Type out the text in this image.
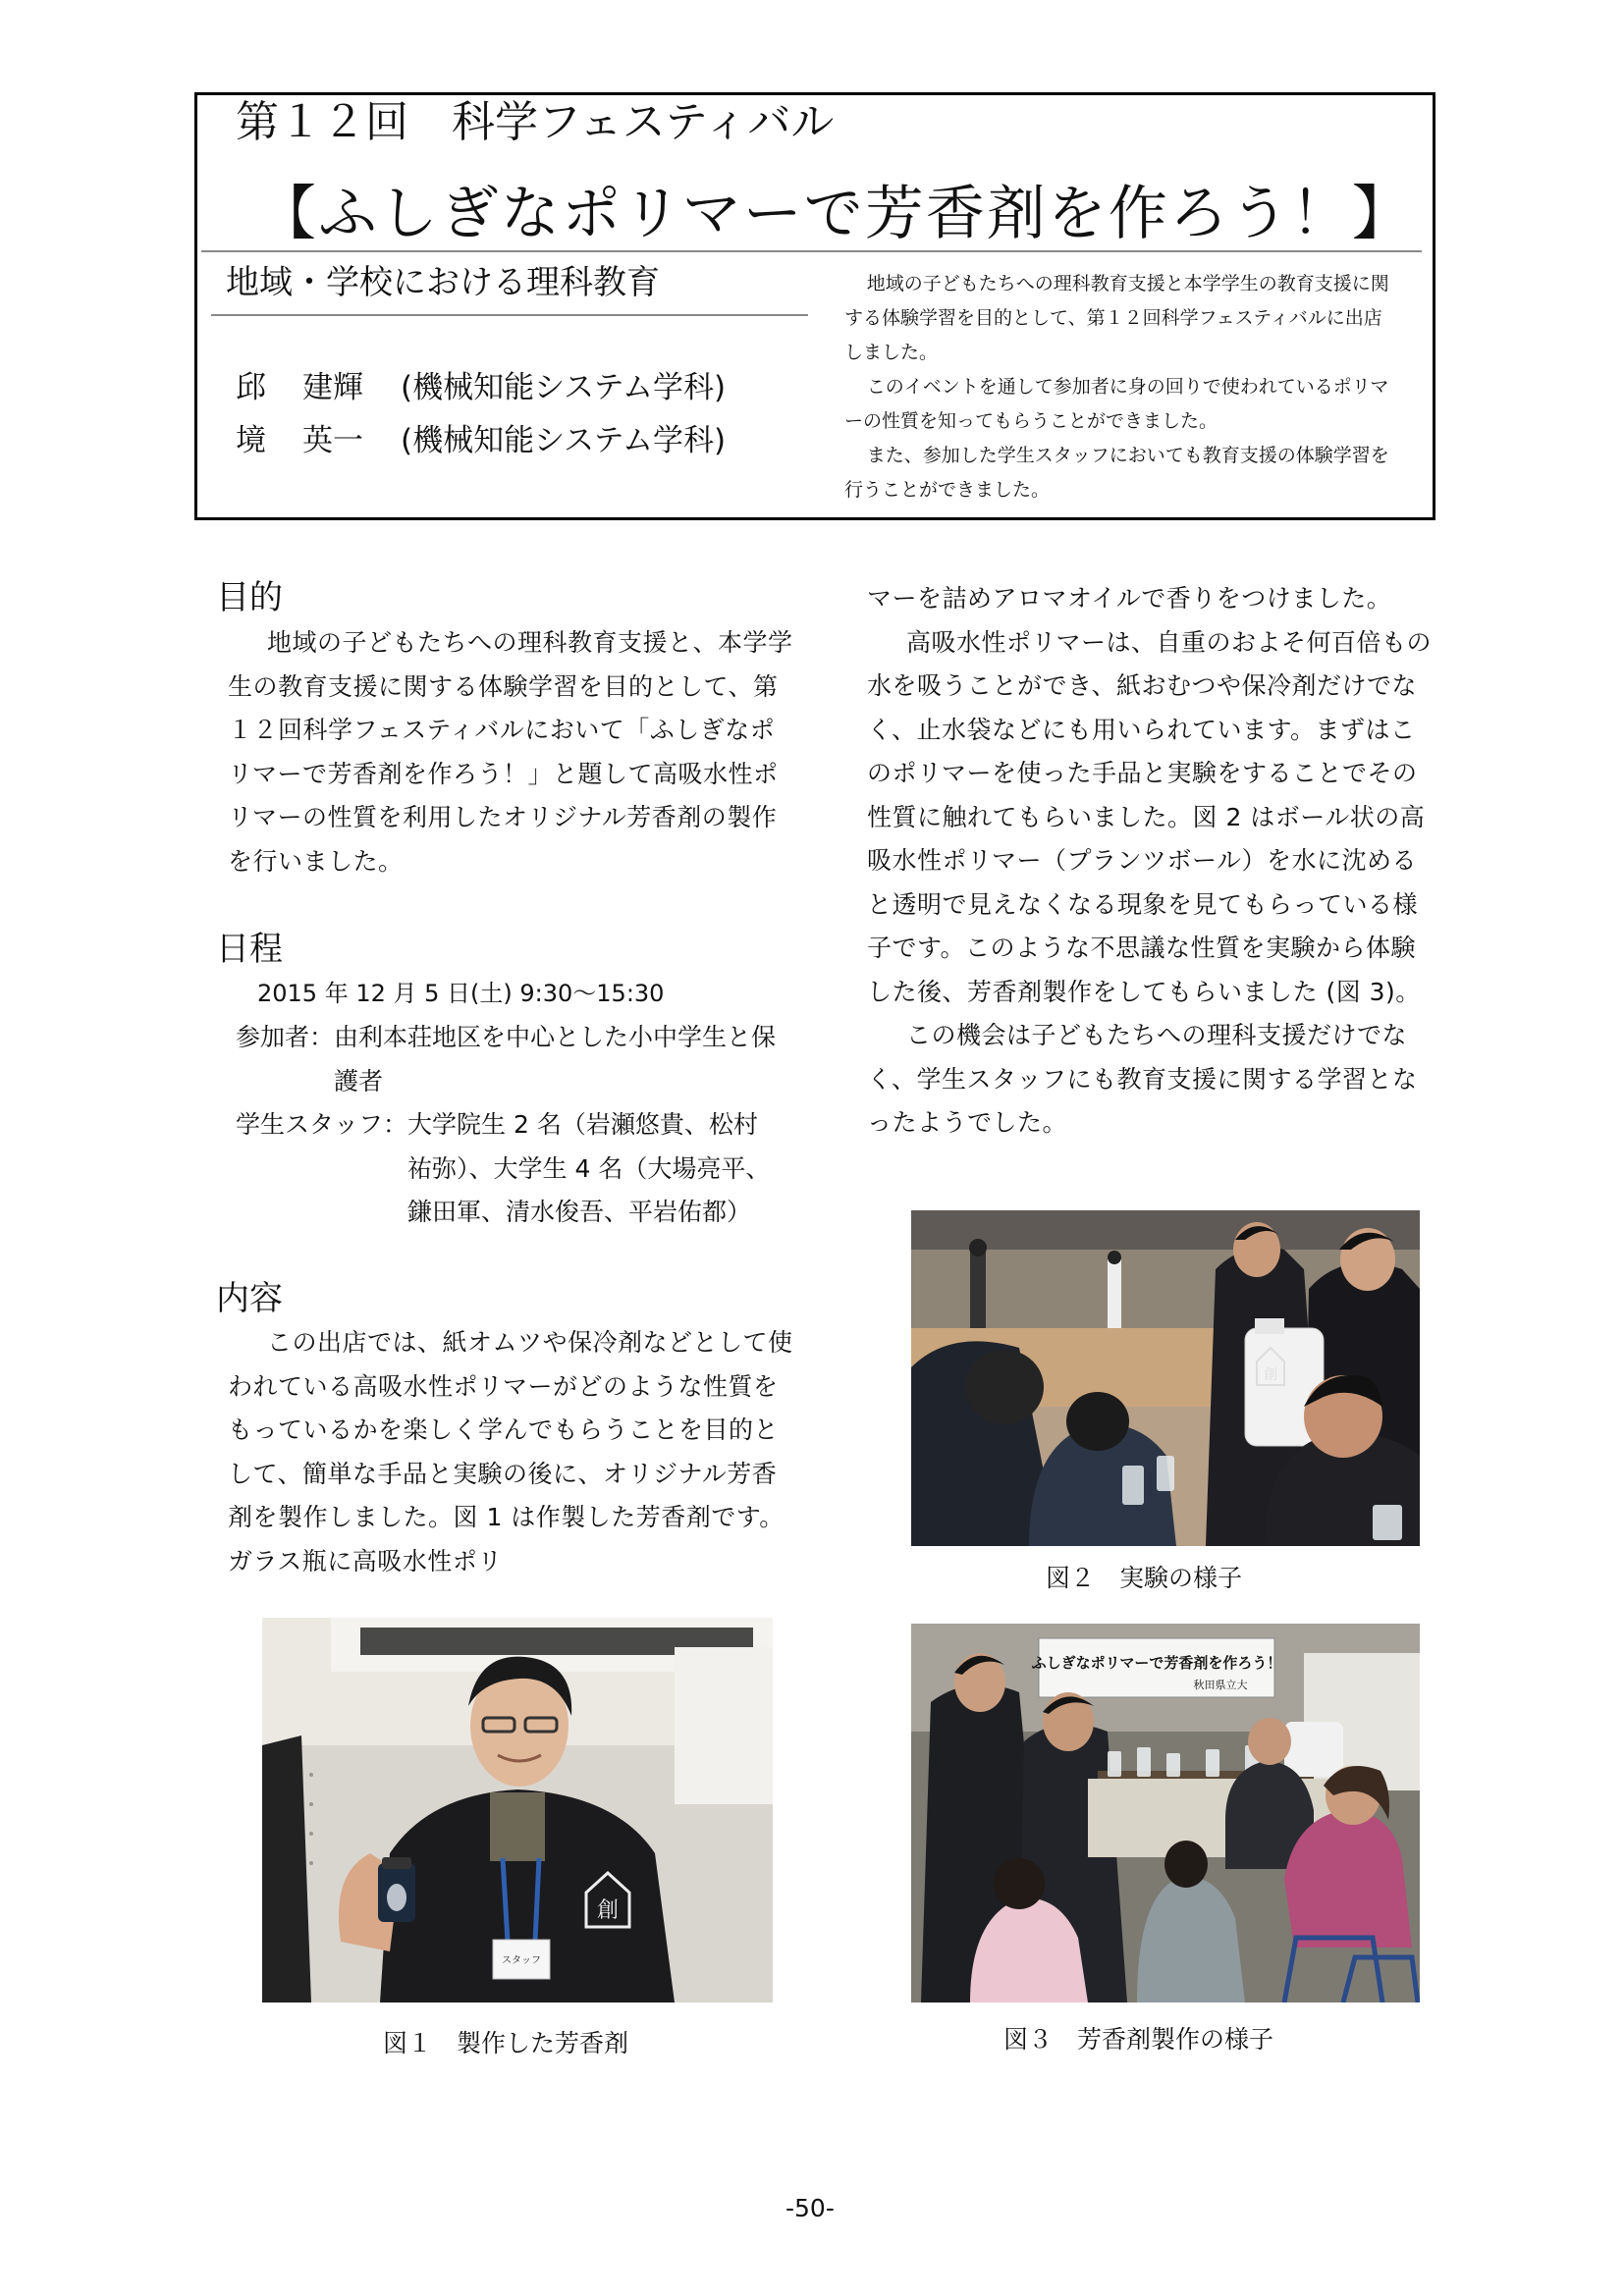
第１２回　科学フェスティバル
【ふしぎなポリマーで芳香剤を作ろう！】
地域・学校における理科教育
邱 建輝 (機械知能システム学科)
境 英一 (機械知能システム学科)

地域の子どもたちへの理科教育支援と本学学生の教育支援に関する体験学習を目的として、第１２回科学フェスティバルに出店しました。

このイベントを通して参加者に身の回りで使われているポリマーの性質を知ってもらうことができました。

また、参加した学生スタッフにおいても教育支援の体験学習を行うことができました。

目的

地域の子どもたちへの理科教育支援と、本学学生の教育支援に関する体験学習を目的として、第１２回科学フェスティバルにおいて「ふしぎなポリマーで芳香剤を作ろう！」と題して高吸水性ポリマーの性質を利用したオリジナル芳香剤の製作を行いました。

日程
2015 年 12 月 5 日(土) 9:30～15:30
参加者：由利本荘地区を中心とした小中学生と保護者
学生スタッフ：大学院生 2 名（岩瀬悠貴、松村祐弥）、大学生 4 名（大場亮平、鎌田軍、清水俊吾、平岩佑都）
内容

この出店では、紙オムツや保冷剤などとして使われている高吸水性ポリマーがどのような性質をもっているかを楽しく学んでもらうことを目的として、簡単な手品と実験の後に、オリジナル芳香剤を製作しました。図 1 は作製した芳香剤です。ガラス瓶に高吸水性ポリ

マーを詰めアロマオイルで香りをつけました。

高吸水性ポリマーは、自重のおよそ何百倍もの水を吸うことができ、紙おむつや保冷剤だけでなく、止水袋などにも用いられています。まずはこのポリマーを使った手品と実験をすることでその性質に触れてもらいました。図 2 はボール状の高吸水性ポリマー（プランツボール）を水に沈めると透明で見えなくなる現象を見てもらっている様子です。このような不思議な性質を実験から体験した後、芳香剤製作をしてもらいました (図 3)。

この機会は子どもたちへの理科支援だけでなく、学生スタッフにも教育支援に関する学習となったようでした。

スタッフ
創
図１　製作した芳香剤
創
図２　実験の様子
ふしぎなポリマーで芳香剤を作ろう！
秋田県立大
図３　芳香剤製作の様子
-50-
